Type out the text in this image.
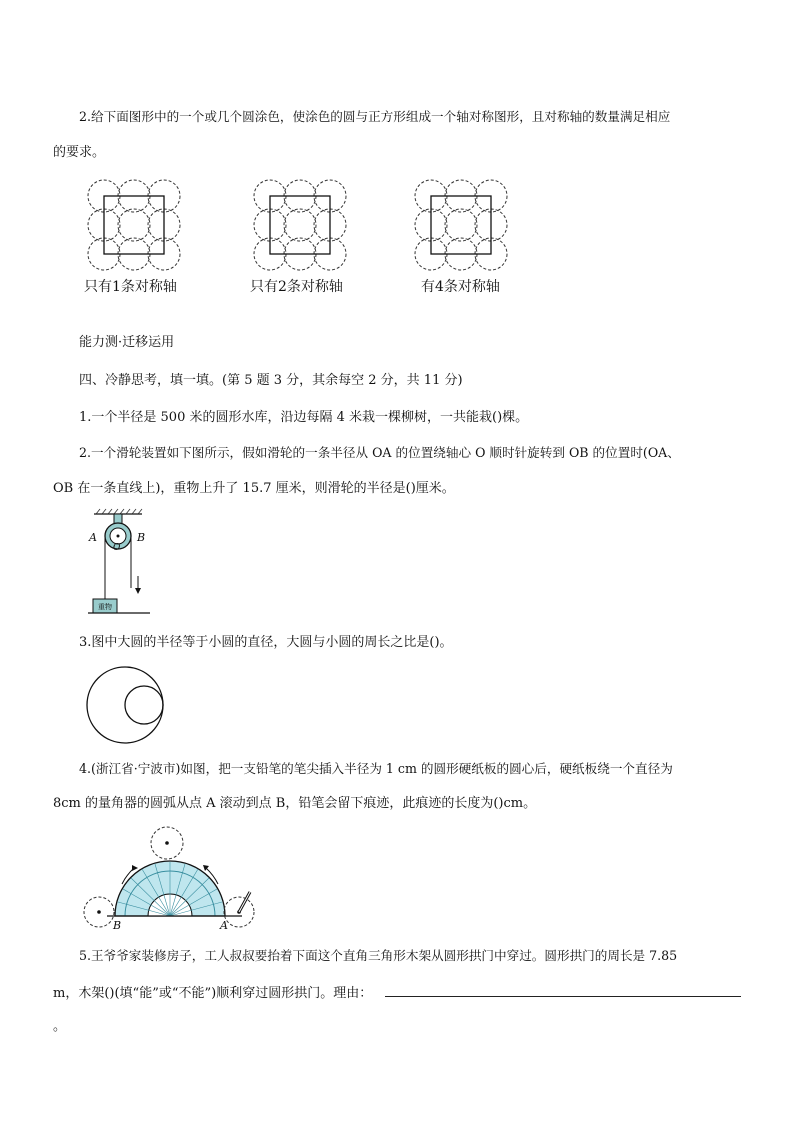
2.给下面图形中的一个或几个圆涂色，使涂色的圆与正方形组成一个轴对称图形，且对称轴的数量满足相应
的要求。
只有1条对称轴	只有2条对称轴	有4条对称轴
能力测·迁移运用
四、冷静思考，填一填。(第 5 题 3 分，其余每空 2 分，共 11 分)
1.一个半径是 500 米的圆形水库，沿边每隔 4 米栽一棵柳树，一共能栽()棵。
2.一个滑轮装置如下图所示，假如滑轮的一条半径从 OA 的位置绕轴心 O 顺时针旋转到 OB 的位置时(OA、
OB 在一条直线上)，重物上升了 15.7 厘米，则滑轮的半径是()厘米。
A	B
O
重物
3.图中大圆的半径等于小圆的直径，大圆与小圆的周长之比是()。
4.(浙江省·宁波市)如图，把一支铅笔的笔尖插入半径为 1 cm 的圆形硬纸板的圆心后，硬纸板绕一个直径为
8cm 的量角器的圆弧从点 A 滚动到点 B，铅笔会留下痕迹，此痕迹的长度为()cm。
B	A
5.王爷爷家装修房子，工人叔叔要抬着下面这个直角三角形木架从圆形拱门中穿过。圆形拱门的周长是 7.85
m，木架()(填“能”或“不能”)顺利穿过圆形拱门。理由：
。
